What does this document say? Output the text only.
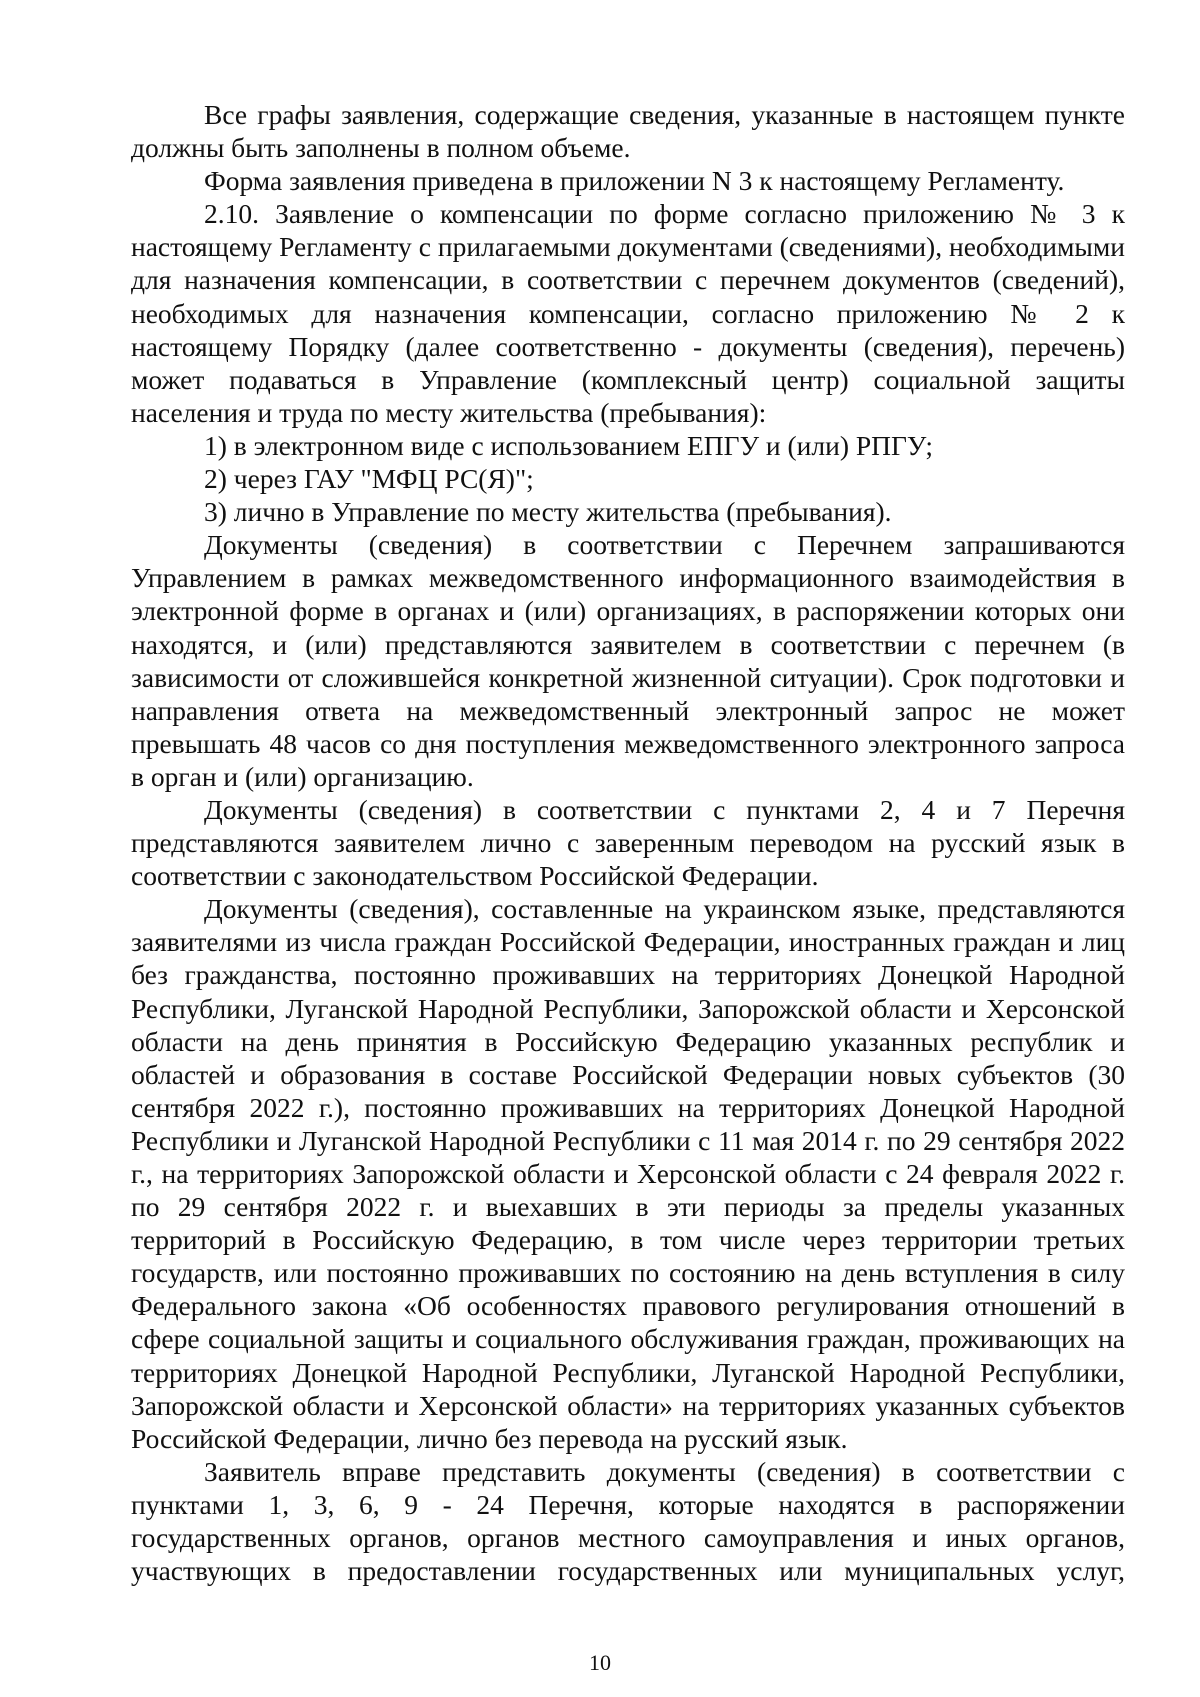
Все графы заявления, содержащие сведения, указанные в настоящем пункте должны быть заполнены в полном объеме.

Форма заявления приведена в приложении N 3 к настоящему Регламенту.

2.10. Заявление о компенсации по форме согласно приложению № 3 к настоящему Регламенту с прилагаемыми документами (сведениями), необходимыми для назначения компенсации, в соответствии с перечнем документов (сведений), необходимых для назначения компенсации, согласно приложению № 2 к настоящему Порядку (далее соответственно - документы (сведения), перечень) может подаваться в Управление (комплексный центр) социальной защиты населения и труда по месту жительства (пребывания):

1) в электронном виде с использованием ЕПГУ и (или) РПГУ;

2) через ГАУ "МФЦ РС(Я)";

3) лично в Управление по месту жительства (пребывания).

Документы (сведения) в соответствии с Перечнем запрашиваются Управлением в рамках межведомственного информационного взаимодействия в электронной форме в органах и (или) организациях, в распоряжении которых они находятся, и (или) представляются заявителем в соответствии с перечнем (в зависимости от сложившейся конкретной жизненной ситуации). Срок подготовки и направления ответа на межведомственный электронный запрос не может превышать 48 часов со дня поступления межведомственного электронного запроса в орган и (или) организацию.

Документы (сведения) в соответствии с пунктами 2, 4 и 7 Перечня представляются заявителем лично с заверенным переводом на русский язык в соответствии с законодательством Российской Федерации.

Документы (сведения), составленные на украинском языке, представляются заявителями из числа граждан Российской Федерации, иностранных граждан и лиц без гражданства, постоянно проживавших на территориях Донецкой Народной Республики, Луганской Народной Республики, Запорожской области и Херсонской области на день принятия в Российскую Федерацию указанных республик и областей и образования в составе Российской Федерации новых субъектов (30 сентября 2022 г.), постоянно проживавших на территориях Донецкой Народной Республики и Луганской Народной Республики с 11 мая 2014 г. по 29 сентября 2022 г., на территориях Запорожской области и Херсонской области с 24 февраля 2022 г. по 29 сентября 2022 г. и выехавших в эти периоды за пределы указанных территорий в Российскую Федерацию, в том числе через территории третьих государств, или постоянно проживавших по состоянию на день вступления в силу Федерального закона «Об особенностях правового регулирования отношений в сфере социальной защиты и социального обслуживания граждан, проживающих на территориях Донецкой Народной Республики, Луганской Народной Республики, Запорожской области и Херсонской области» на территориях указанных субъектов Российской Федерации, лично без перевода на русский язык.

Заявитель вправе представить документы (сведения) в соответствии с пунктами 1, 3, 6, 9 - 24 Перечня, которые находятся в распоряжении государственных органов, органов местного самоуправления и иных органов, участвующих в предоставлении государственных или муниципальных услуг,

10
